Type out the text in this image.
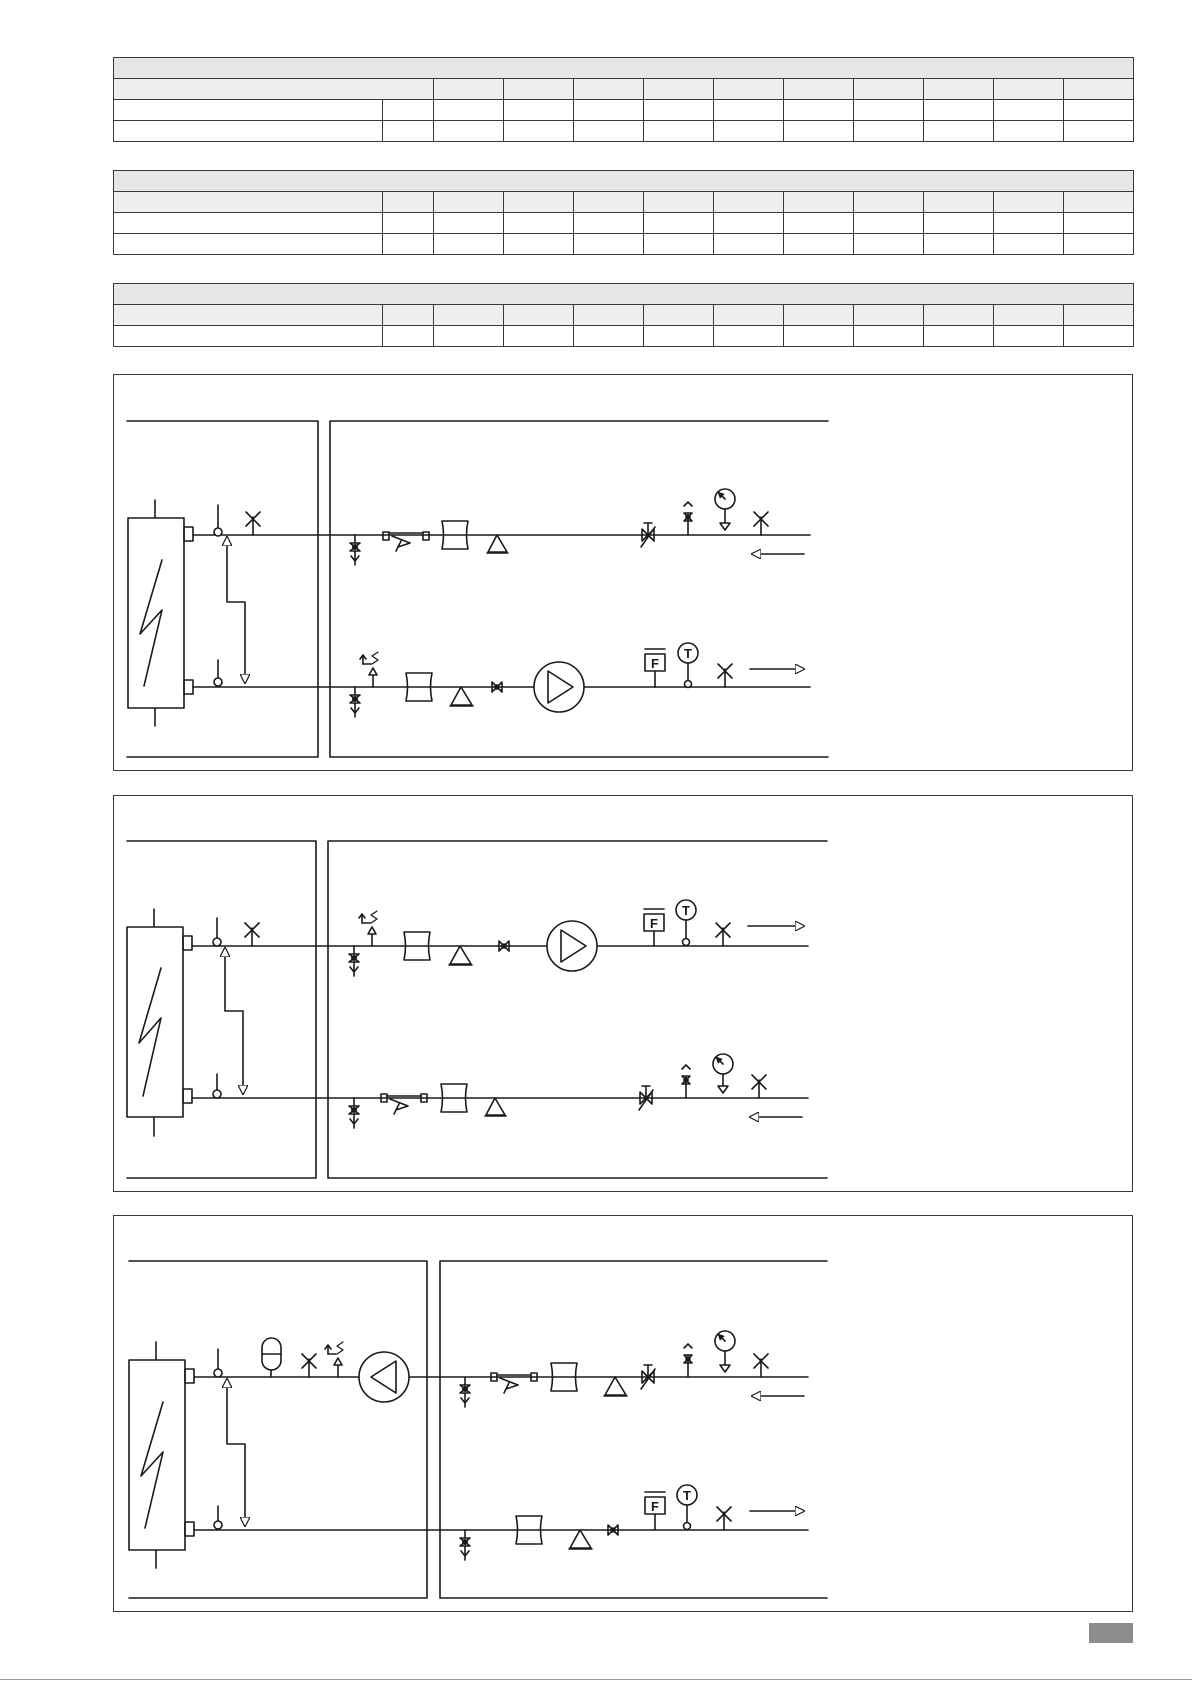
F
T
F
T
F
T
